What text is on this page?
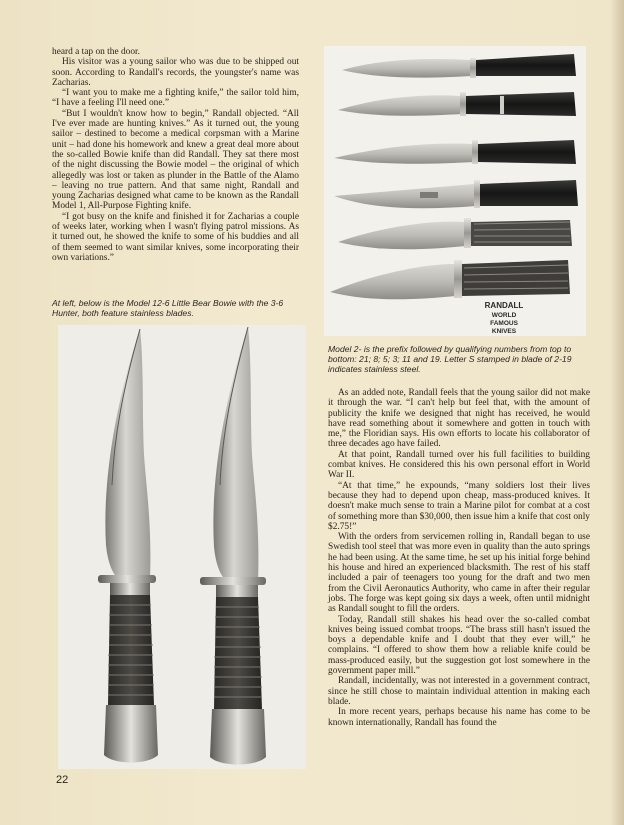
heard a tap on the door.

His visitor was a young sailor who was due to be shipped out soon. According to Randall's records, the youngster's name was Zacharias.

“I want you to make me a fighting knife,” the sailor told him, “I have a feeling I'll need one.”

“But I wouldn't know how to begin,” Randall objected. “All I've ever made are hunting knives.” As it turned out, the young sailor – destined to become a medical corpsman with a Marine unit – had done his homework and knew a great deal more about the so-called Bowie knife than did Randall. They sat there most of the night discussing the Bowie model – the original of which allegedly was lost or taken as plunder in the Battle of the Alamo – leaving no true pattern. And that same night, Randall and young Zacharias designed what came to be known as the Randall Model 1, All-Purpose Fighting knife.

“I got busy on the knife and finished it for Zacharias a couple of weeks later, working when I wasn't flying patrol missions. As it turned out, he showed the knife to some of his buddies and all of them seemed to want similar knives, some incorporating their own variations.”

RANDALL
WORLD
FAMOUS
KNIVES
Model 2- is the prefix followed by qualifying numbers from top to bottom: 21; 8; 5; 3; 11 and 19. Letter S stamped in blade of 2-19 indicates stainless steel.
At left, below is the Model 12-6 Little Bear Bowie with the 3-6 Hunter, both feature stainless blades.

As an added note, Randall feels that the young sailor did not make it through the war. “I can't help but feel that, with the amount of publicity the knife we designed that night has received, he would have read something about it somewhere and gotten in touch with me,” the Floridian says. His own efforts to locate his collaborator of three decades ago have failed.

At that point, Randall turned over his full facilities to building combat knives. He considered this his own personal effort in World War II.

“At that time,” he expounds, “many soldiers lost their lives because they had to depend upon cheap, mass-produced knives. It doesn't make much sense to train a Marine pilot for combat at a cost of something more than $30,000, then issue him a knife that cost only $2.75!”

With the orders from servicemen rolling in, Randall began to use Swedish tool steel that was more even in quality than the auto springs he had been using. At the same time, he set up his initial forge behind his house and hired an experienced blacksmith. The rest of his staff included a pair of teenagers too young for the draft and two men from the Civil Aeronautics Authority, who came in after their regular jobs. The forge was kept going six days a week, often until midnight as Randall sought to fill the orders.

Today, Randall still shakes his head over the so-called combat knives being issued combat troops. “The brass still hasn't issued the boys a dependable knife and I doubt that they ever will,” he complains. “I offered to show them how a reliable knife could be mass-produced easily, but the suggestion got lost somewhere in the government paper mill.”

Randall, incidentally, was not interested in a government contract, since he still chose to maintain individual attention in making each blade.

In more recent years, perhaps because his name has come to be known internationally, Randall has found the

22
